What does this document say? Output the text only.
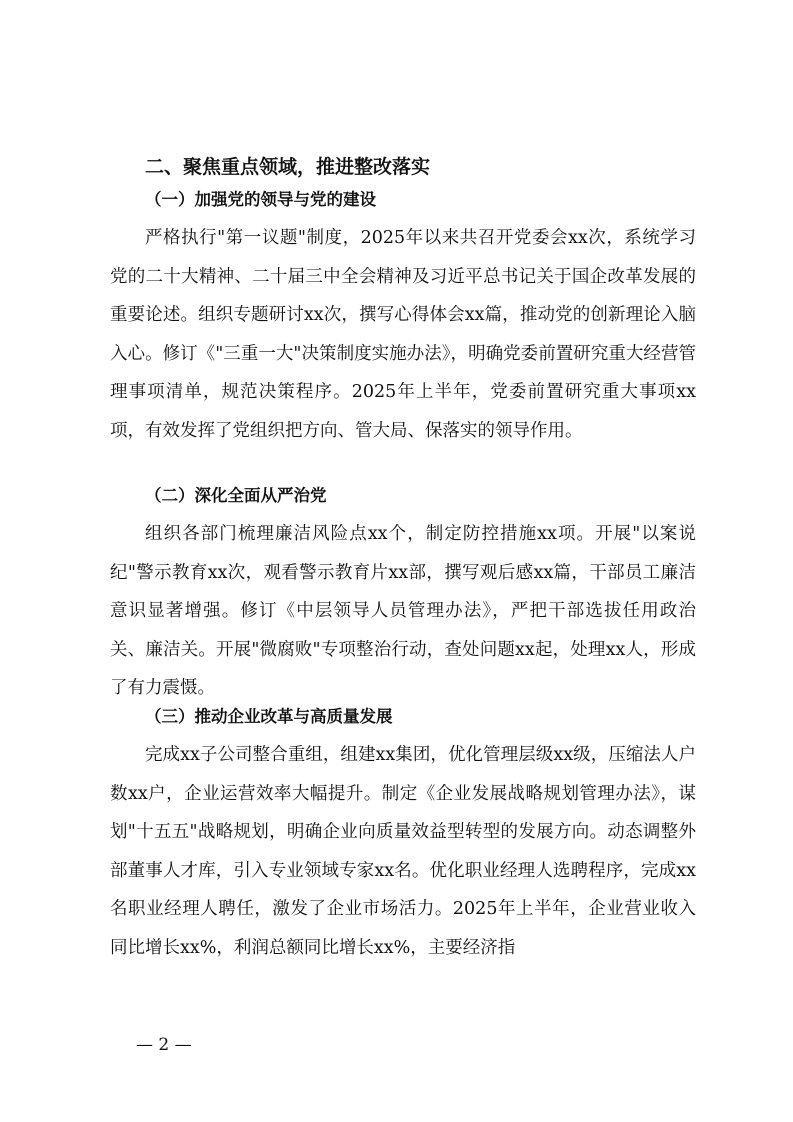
二、聚焦重点领域，推进整改落实

（一）加强党的领导与党的建设

严格执行"第一议题"制度，2025年以来共召开党委会xx次，系统学习党的二十大精神、二十届三中全会精神及习近平总书记关于国企改革发展的重要论述。组织专题研讨xx次，撰写心得体会xx篇，推动党的创新理论入脑入心。修订《"三重一大"决策制度实施办法》，明确党委前置研究重大经营管理事项清单，规范决策程序。2025年上半年，党委前置研究重大事项xx项，有效发挥了党组织把方向、管大局、保落实的领导作用。

（二）深化全面从严治党

组织各部门梳理廉洁风险点xx个，制定防控措施xx项。开展"以案说纪"警示教育xx次，观看警示教育片xx部，撰写观后感xx篇，干部员工廉洁意识显著增强。修订《中层领导人员管理办法》，严把干部选拔任用政治关、廉洁关。开展"微腐败"专项整治行动，查处问题xx起，处理xx人，形成了有力震慑。

（三）推动企业改革与高质量发展

完成xx子公司整合重组，组建xx集团，优化管理层级xx级，压缩法人户数xx户，企业运营效率大幅提升。制定《企业发展战略规划管理办法》，谋划"十五五"战略规划，明确企业向质量效益型转型的发展方向。动态调整外部董事人才库，引入专业领域专家xx名。优化职业经理人选聘程序，完成xx名职业经理人聘任，激发了企业市场活力。2025年上半年，企业营业收入同比增长xx%，利润总额同比增长xx%，主要经济指

— 2 —
